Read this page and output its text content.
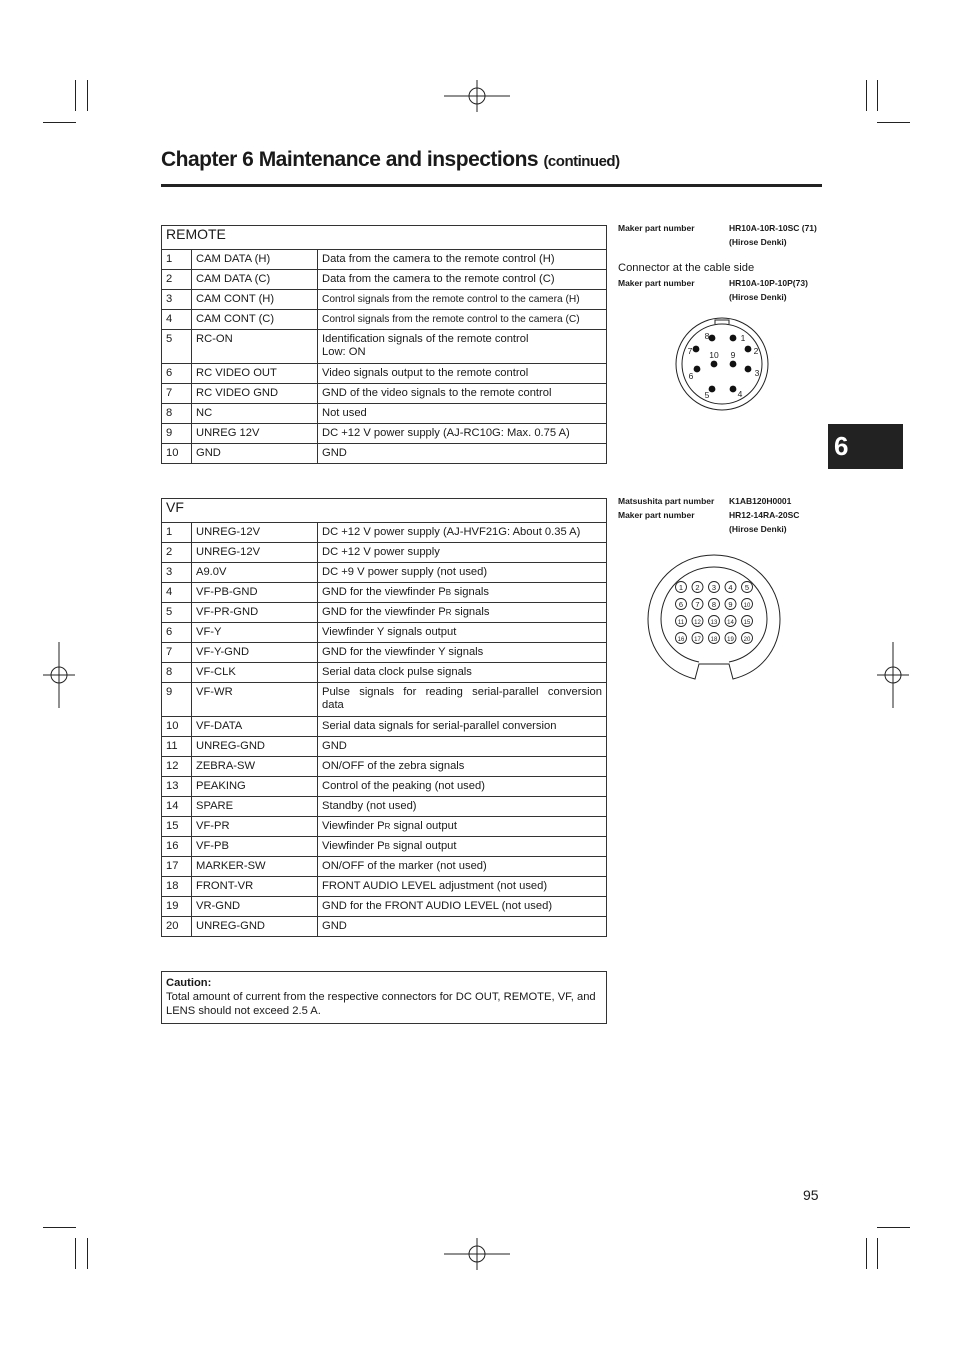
Chapter 6 Maintenance and inspections (continued)
6
REMOTE		
1	CAM DATA (H)	Data from the camera to the remote control (H)

2	CAM DATA (C)	Data from the camera to the remote control (C)

3	CAM CONT (H)	Control signals from the remote control to the camera (H)

4	CAM CONT (C)	Control signals from the remote control to the camera (C)

5	RC-ON	Identification signals of the remote control
Low: ON

6	RC VIDEO OUT	Video signals output to the remote control

7	RC VIDEO GND	GND of the video signals to the remote control

8	NC	Not used

9	UNREG 12V	DC +12 V power supply (AJ-RC10G: Max. 0.75 A)

10	GND	GND
Maker part number	HR10A-10R-10SC (71)
(Hirose Denki)
Connector at the cable side
Maker part number	HR10A-10P-10P(73)
(Hirose Denki)
1
2
3
4
5
6
7
8
9
10
VF		
1	UNREG-12V	DC +12 V power supply (AJ-HVF21G: About 0.35 A)

2	UNREG-12V	DC +12 V power supply

3	A9.0V	DC +9 V power supply (not used)

4	VF-PB-GND	GND for the viewfinder PB signals

5	VF-PR-GND	GND for the viewfinder PR signals

6	VF-Y	Viewfinder Y signals output

7	VF-Y-GND	GND for the viewfinder Y signals

8	VF-CLK	Serial data clock pulse signals

9	VF-WR	Pulse signals for reading serial-parallel conversion
data

10	VF-DATA	Serial data signals for serial-parallel conversion

11	UNREG-GND	GND

12	ZEBRA-SW	ON/OFF of the zebra signals

13	PEAKING	Control of the peaking (not used)

14	SPARE	Standby (not used)

15	VF-PR	Viewfinder PR signal output

16	VF-PB	Viewfinder PB signal output

17	MARKER-SW	ON/OFF of the marker (not used)

18	FRONT-VR	FRONT AUDIO LEVEL adjustment (not used)

19	VR-GND	GND for the FRONT AUDIO LEVEL (not used)

20	UNREG-GND	GND
Matsushita part number K1AB120H0001
Maker part number	HR12-14RA-20SC
(Hirose Denki)
1 2 3 4 5
6 7 8 9 10
11 12 13 14 15
16 17 18 19 20
Caution:
Total amount of current from the respective connectors for DC OUT, REMOTE, VF, and LENS should not exceed 2.5 A.
95
